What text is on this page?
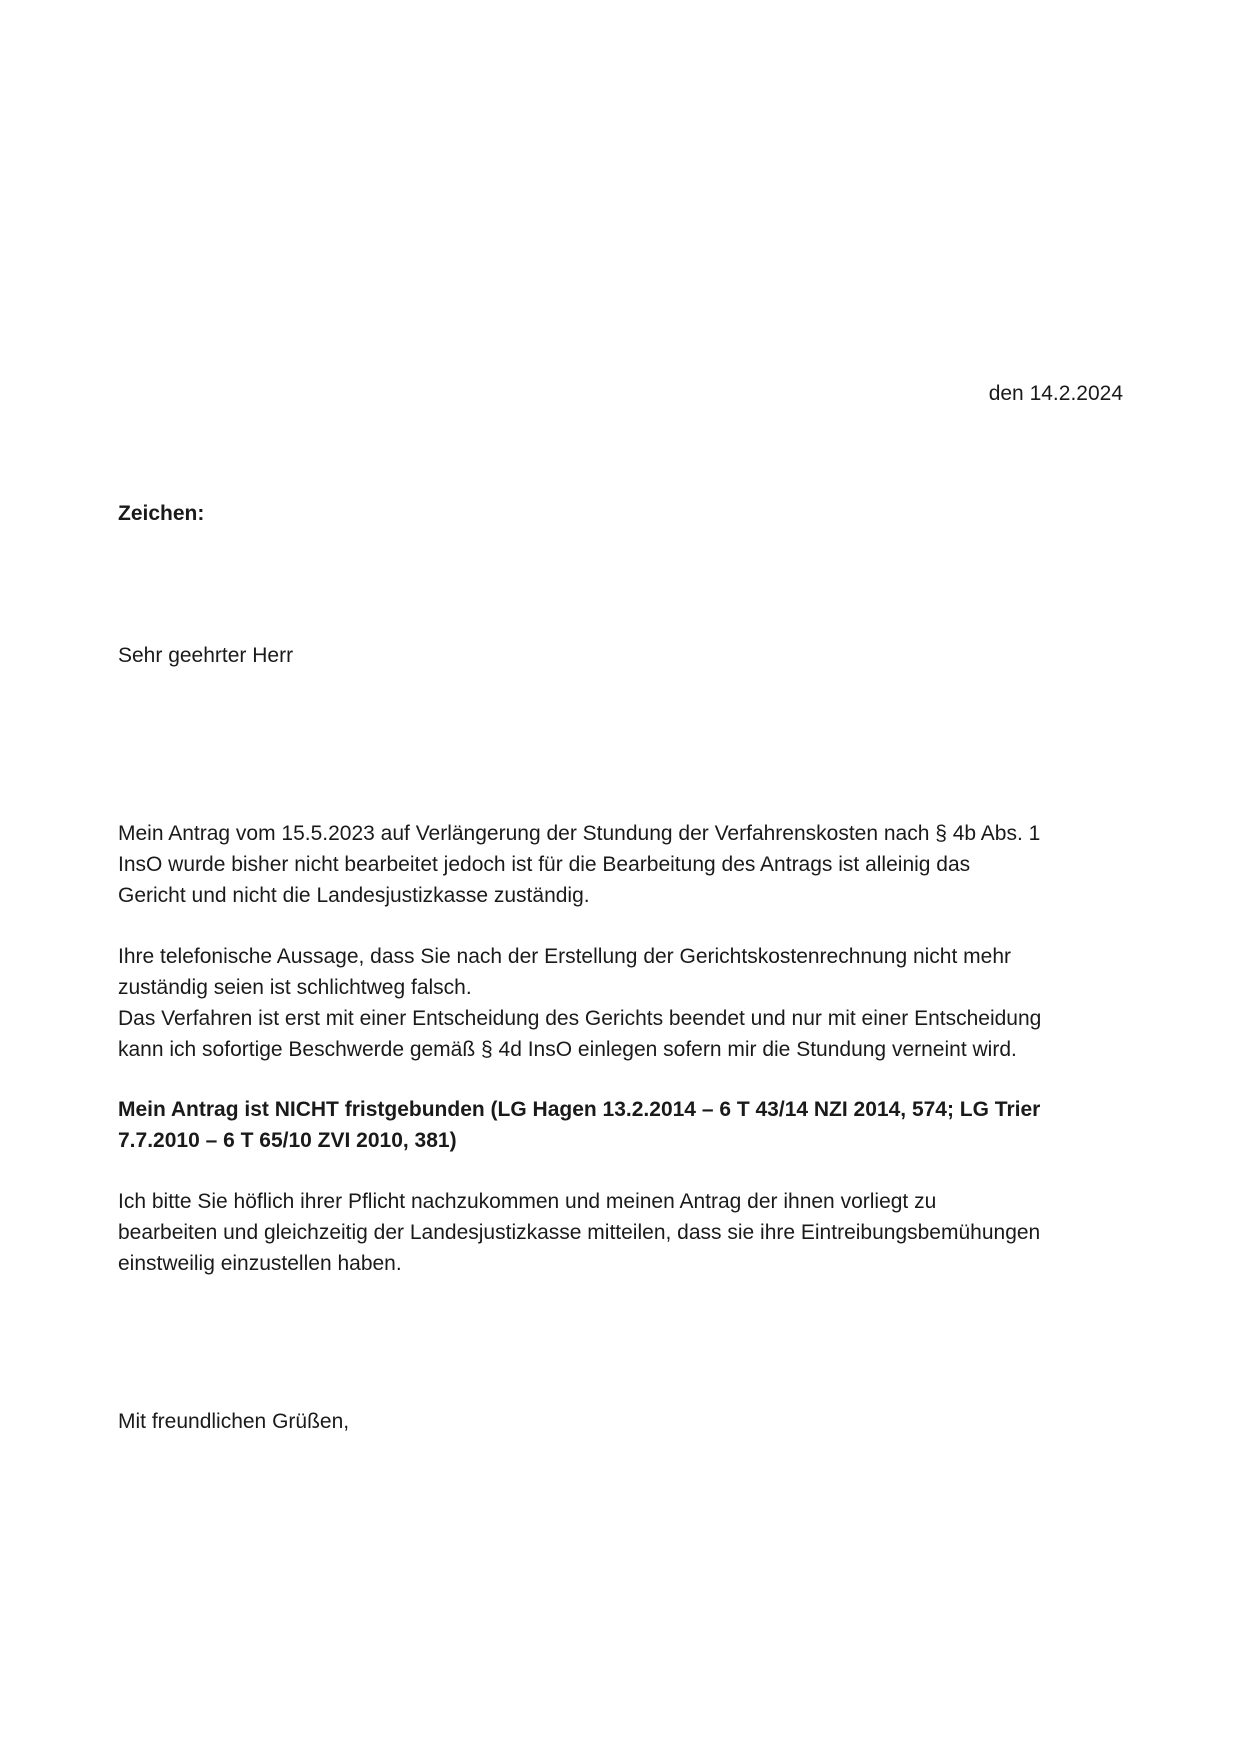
den 14.2.2024

Zeichen:

Sehr geehrter Herr

Mein Antrag vom 15.5.2023 auf Verlängerung der Stundung der Verfahrenskosten nach § 4b Abs. 1
InsO wurde bisher nicht bearbeitet jedoch ist für die Bearbeitung des Antrags ist alleinig das
Gericht und nicht die Landesjustizkasse zuständig.

Ihre telefonische Aussage, dass Sie nach der Erstellung der Gerichtskostenrechnung nicht mehr
zuständig seien ist schlichtweg falsch.
Das Verfahren ist erst mit einer Entscheidung des Gerichts beendet und nur mit einer Entscheidung
kann ich sofortige Beschwerde gemäß § 4d InsO einlegen sofern mir die Stundung verneint wird.

Mein Antrag ist NICHT fristgebunden (LG Hagen 13.2.2014 – 6 T 43/14 NZI 2014, 574; LG Trier
7.7.2010 – 6 T 65/10 ZVI 2010, 381)

Ich bitte Sie höflich ihrer Pflicht nachzukommen und meinen Antrag der ihnen vorliegt zu
bearbeiten und gleichzeitig der Landesjustizkasse mitteilen, dass sie ihre Eintreibungsbemühungen
einstweilig einzustellen haben.

Mit freundlichen Grüßen,
